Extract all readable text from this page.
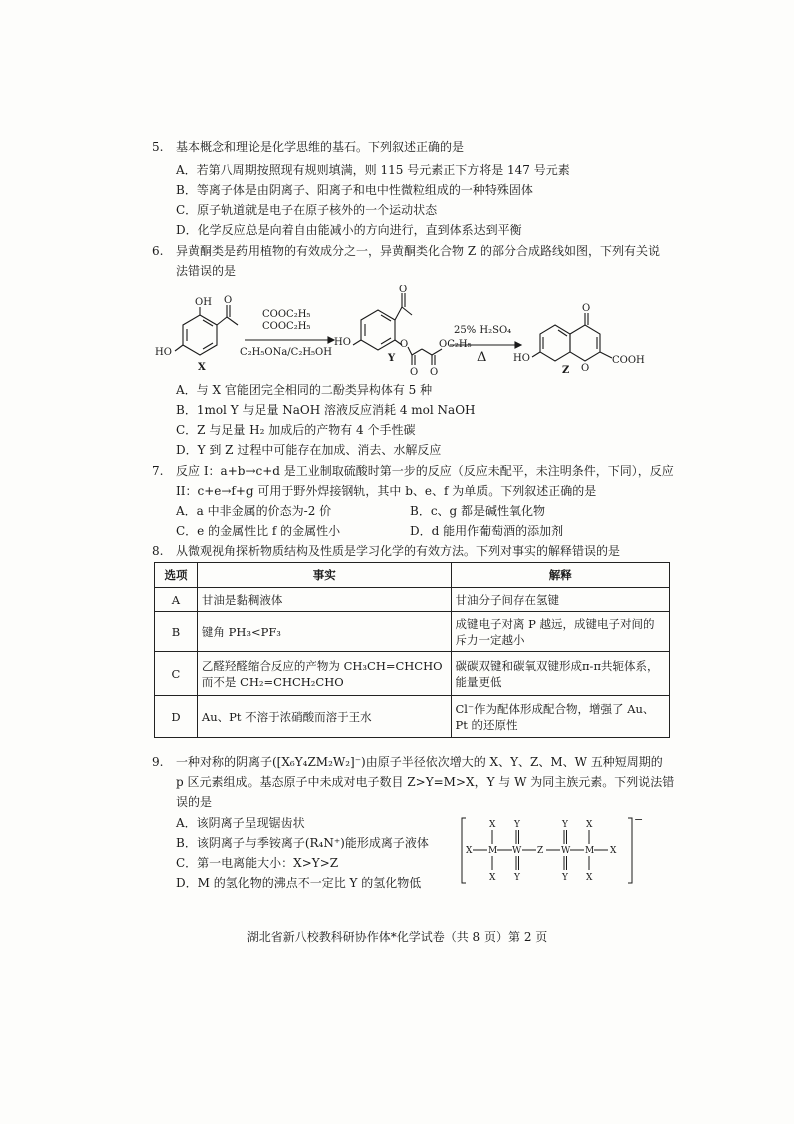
5. 基本概念和理论是化学思维的基石。下列叙述正确的是
A．若第八周期按照现有规则填满，则 115 号元素正下方将是 147 号元素
B．等离子体是由阴离子、阳离子和电中性微粒组成的一种特殊固体
C．原子轨道就是电子在原子核外的一个运动状态
D．化学反应总是向着自由能减小的方向进行，直到体系达到平衡
6. 异黄酮类是药用植物的有效成分之一，异黄酮类化合物 Z 的部分合成路线如图，下列有关说
法错误的是
OH O
HO
X
COOC₂H₅
COOC₂H₅
C₂H₅ONa/C₂H₅OH
O
O
O O
OC₂H₅
HO
Y
25% H₂SO₄
Δ
O
O
HO	COOH
Z
A．与 X 官能团完全相同的二酚类异构体有 5 种
B．1mol Y 与足量 NaOH 溶液反应消耗 4 mol NaOH
C．Z 与足量 H₂ 加成后的产物有 4 个手性碳
D．Y 到 Z 过程中可能存在加成、消去、水解反应
7. 反应 I：a+b→c+d 是工业制取硫酸时第一步的反应（反应未配平，未注明条件，下同），反应
II：c+e→f+g 可用于野外焊接钢轨，其中 b、e、f 为单质。下列叙述正确的是
A．a 中非金属的价态为-2 价	B．c、g 都是碱性氧化物
C．e 的金属性比 f 的金属性小	D．d 能用作葡萄酒的添加剂
8. 从微观视角探析物质结构及性质是学习化学的有效方法。下列对事实的解释错误的是
选项	事实	解释
A	甘油是黏稠液体	甘油分子间存在氢键
B	键角 PH₃<PF₃	成键电子对离 P 越远，成键电子对间的
斥力一定越小
C	乙醛羟醛缩合反应的产物为 CH₃CH=CHCHO
而不是 CH₂=CHCH₂CHO	碳碳双键和碳氧双键形成π-π共轭体系，
能量更低
D	Au、Pt 不溶于浓硝酸而溶于王水	Cl⁻作为配体形成配合物，增强了 Au、
Pt 的还原性
9. 一种对称的阴离子([X₆Y₄ZM₂W₂]⁻)由原子半径依次增大的 X、Y、Z、M、W 五种短周期的
p 区元素组成。基态原子中未成对电子数目 Z>Y=M>X，Y 与 W 为同主族元素。下列说法错
误的是
A．该阴离子呈现锯齿状
B．该阴离子与季铵离子(R₄N⁺)能形成离子液体
C．第一电离能大小：X>Y>Z
D．M 的氢化物的沸点不一定比 Y 的氢化物低
X M W Z W M X
X
X
Y
Y
Y
Y
X
X
−
湖北省新八校教科研协作体*化学试卷（共 8 页）第 2 页
